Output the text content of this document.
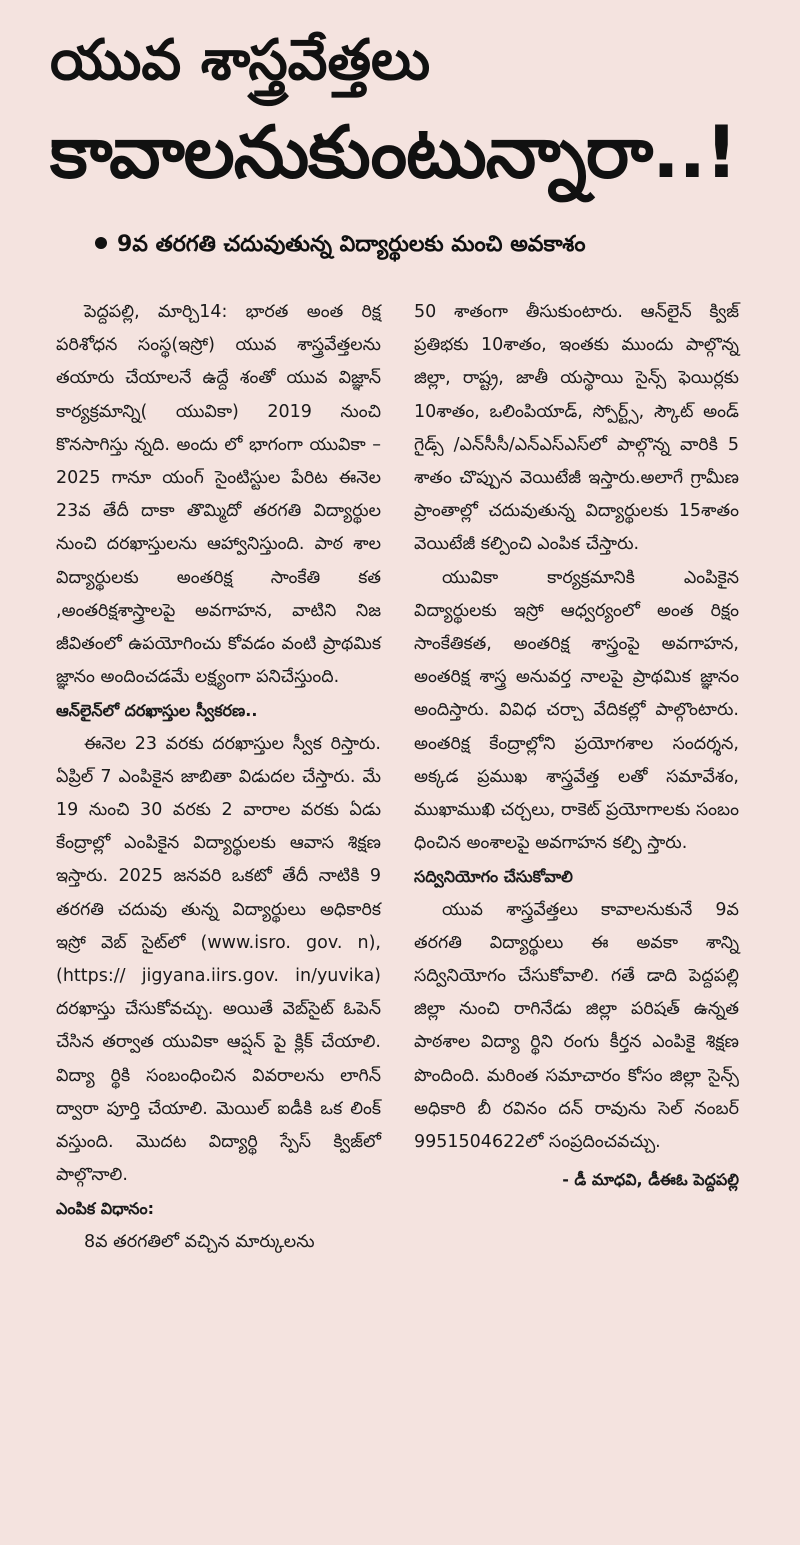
యువ శాస్త్రవేత్తలు
కావాలనుకుంటున్నారా..!
9వ తరగతి చదువుతున్న విద్యార్థులకు మంచి అవకాశం

పెద్దపల్లి, మార్చి14: భారత అంత రిక్ష పరిశోధన సంస్థ(ఇస్రో) యువ శాస్త్రవేత్తలను తయారు చేయాలనే ఉద్దే శంతో యువ విజ్ఞాన్ కార్యక్రమాన్ని( యువికా) 2019 నుంచి కొనసాగిస్తు న్నది. అందు లో భాగంగా యువికా – 2025 గానూ యంగ్ సైంటిస్టుల పేరిట ఈనెల 23వ తేదీ దాకా తొమ్మిదో తరగతి విద్యార్థుల నుంచి దరఖాస్తులను ఆహ్వానిస్తుంది. పాఠ శాల విద్యార్థులకు అంతరిక్ష సాంకేతి కత ,అంతరిక్షశాస్త్రాలపై అవగాహన, వాటిని నిజ జీవితంలో ఉపయోగించు కోవడం వంటి ప్రాథమిక జ్ఞానం అందించడమే లక్ష్యంగా పనిచేస్తుంది.

ఆన్‌లైన్‌లో దరఖాస్తుల స్వీకరణ..

ఈనెల 23 వరకు దరఖాస్తుల స్వీక రిస్తారు. ఏప్రిల్ 7 ఎంపికైన జాబితా విడుదల చేస్తారు. మే 19 నుంచి 30 వరకు 2 వారాల వరకు ఏడు కేంద్రాల్లో ఎంపికైన విద్యార్థులకు ఆవాస శిక్షణ ఇస్తారు. 2025 జనవరి ఒకటో తేదీ నాటికి 9 తరగతి చదువు తున్న విద్యార్థులు అధికారిక ఇస్రో వెబ్ సైట్‌లో (www.isro. gov. n), (https:// jigyana.iirs.gov. in/yuvika) దరఖాస్తు చేసుకోవచ్చు. అయితే వెబ్‌సైట్ ఓపెన్ చేసిన తర్వాత యువికా ఆప్షన్ పై క్లిక్ చేయాలి. విద్యా ర్థికి సంబంధించిన వివరాలను లాగిన్ ద్వారా పూర్తి చేయాలి. మెయిల్ ఐడీకి ఒక లింక్ వస్తుంది. మొదట విద్యార్థి స్పేస్ క్విజ్‌లో పాల్గొనాలి.

ఎంపిక విధానం:

8వ తరగతిలో వచ్చిన మార్కులను

50 శాతంగా తీసుకుంటారు. ఆన్‌లైన్ క్విజ్ ప్రతిభకు 10శాతం, ఇంతకు ముందు పాల్గొన్న జిల్లా, రాష్ట్ర, జాతీ యస్థాయి సైన్స్ ఫెయిర్లకు 10శాతం, ఒలింపియాడ్, స్పోర్ట్స్, స్కౌట్ అండ్ గైడ్స్ /ఎన్‌సీసీ/ఎన్‌ఎస్‌ఎస్‌లో పాల్గొన్న వారికి 5 శాతం చొప్పున వెయిటేజీ ఇస్తారు.అలాగే గ్రామీణ ప్రాంతాల్లో చదువుతున్న విద్యార్థులకు 15శాతం వెయిటేజీ కల్పించి ఎంపిక చేస్తారు.

యువికా కార్యక్రమానికి ఎంపికైన విద్యార్థులకు ఇస్రో ఆధ్వర్యంలో అంత రిక్షం సాంకేతికత, అంతరిక్ష శాస్త్రంపై అవగాహన, అంతరిక్ష శాస్త్ర అనువర్త నాలపై ప్రాథమిక జ్ఞానం అందిస్తారు. వివిధ చర్చా వేదికల్లో పాల్గొంటారు. అంతరిక్ష కేంద్రాల్లోని ప్రయోగశాల సందర్శన, అక్కడ ప్రముఖ శాస్త్రవేత్త లతో సమావేశం, ముఖాముఖి చర్చలు, రాకెట్ ప్రయోగాలకు సంబం ధించిన అంశాలపై అవగాహన కల్పి స్తారు.

సద్వినియోగం చేసుకోవాలి

యువ శాస్త్రవేత్తలు కావాలనుకునే 9వ తరగతి విద్యార్థులు ఈ అవకా శాన్ని సద్వినియోగం చేసుకోవాలి. గతే డాది పెద్దపల్లి జిల్లా నుంచి రాగినేడు జిల్లా పరిషత్ ఉన్నత పాఠశాల విద్యా ర్థిని రంగు కీర్తన ఎంపికై శిక్షణ పొందింది. మరింత సమాచారం కోసం జిల్లా సైన్స్ అధికారి బీ రవినం దన్ రావును సెల్ నంబర్ 9951504622లో సంప్రదించవచ్చు.

- డీ మాధవి, డీఈఓ పెద్దపల్లి
